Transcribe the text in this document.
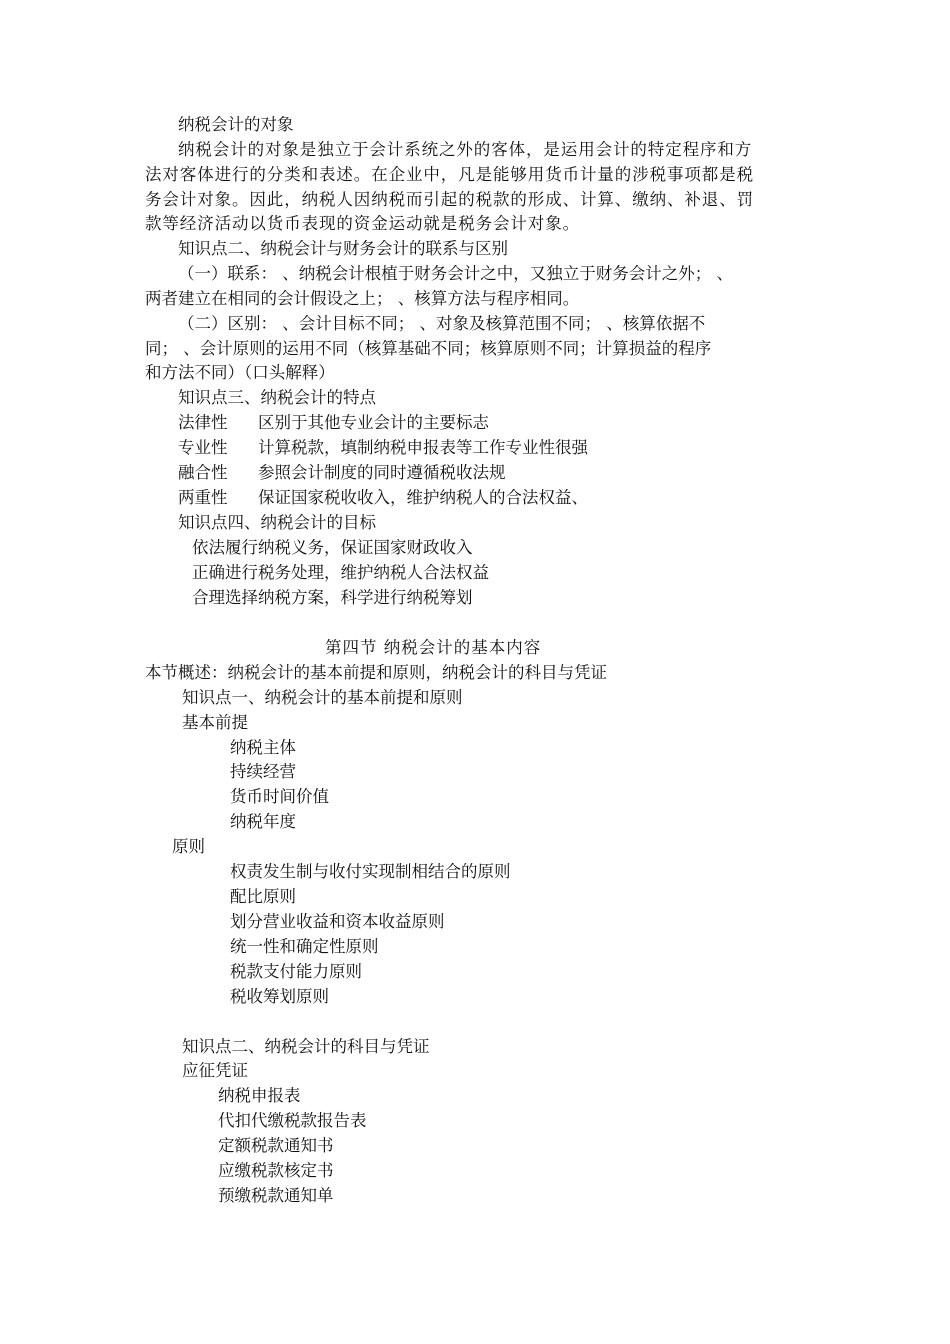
纳税会计的对象
纳税会计的对象是独立于会计系统之外的客体，是运用会计的特定程序和方
法对客体进行的分类和表述。在企业中，凡是能够用货币计量的涉税事项都是税
务会计对象。因此，纳税人因纳税而引起的税款的形成、计算、缴纳、补退、罚
款等经济活动以货币表现的资金运动就是税务会计对象。
知识点二、纳税会计与财务会计的联系与区别
（一）联系： 、纳税会计根植于财务会计之中，又独立于财务会计之外； 、
两者建立在相同的会计假设之上； 、核算方法与程序相同。
（二）区别： 、会计目标不同； 、对象及核算范围不同； 、核算依据不
同； 、会计原则的运用不同（核算基础不同；核算原则不同；计算损益的程序
和方法不同）（口头解释）
知识点三、纳税会计的特点
法律性 区别于其他专业会计的主要标志
专业性 计算税款，填制纳税申报表等工作专业性很强
融合性 参照会计制度的同时遵循税收法规
两重性 保证国家税收收入，维护纳税人的合法权益、
知识点四、纳税会计的目标
依法履行纳税义务，保证国家财政收入
正确进行税务处理，维护纳税人合法权益
合理选择纳税方案，科学进行纳税筹划
第四节 纳税会计的基本内容
本节概述：纳税会计的基本前提和原则，纳税会计的科目与凭证
知识点一、纳税会计的基本前提和原则
基本前提
纳税主体
持续经营
货币时间价值
纳税年度
原则
权责发生制与收付实现制相结合的原则
配比原则
划分营业收益和资本收益原则
统一性和确定性原则
税款支付能力原则
税收筹划原则
知识点二、纳税会计的科目与凭证
应征凭证
纳税申报表
代扣代缴税款报告表
定额税款通知书
应缴税款核定书
预缴税款通知单
